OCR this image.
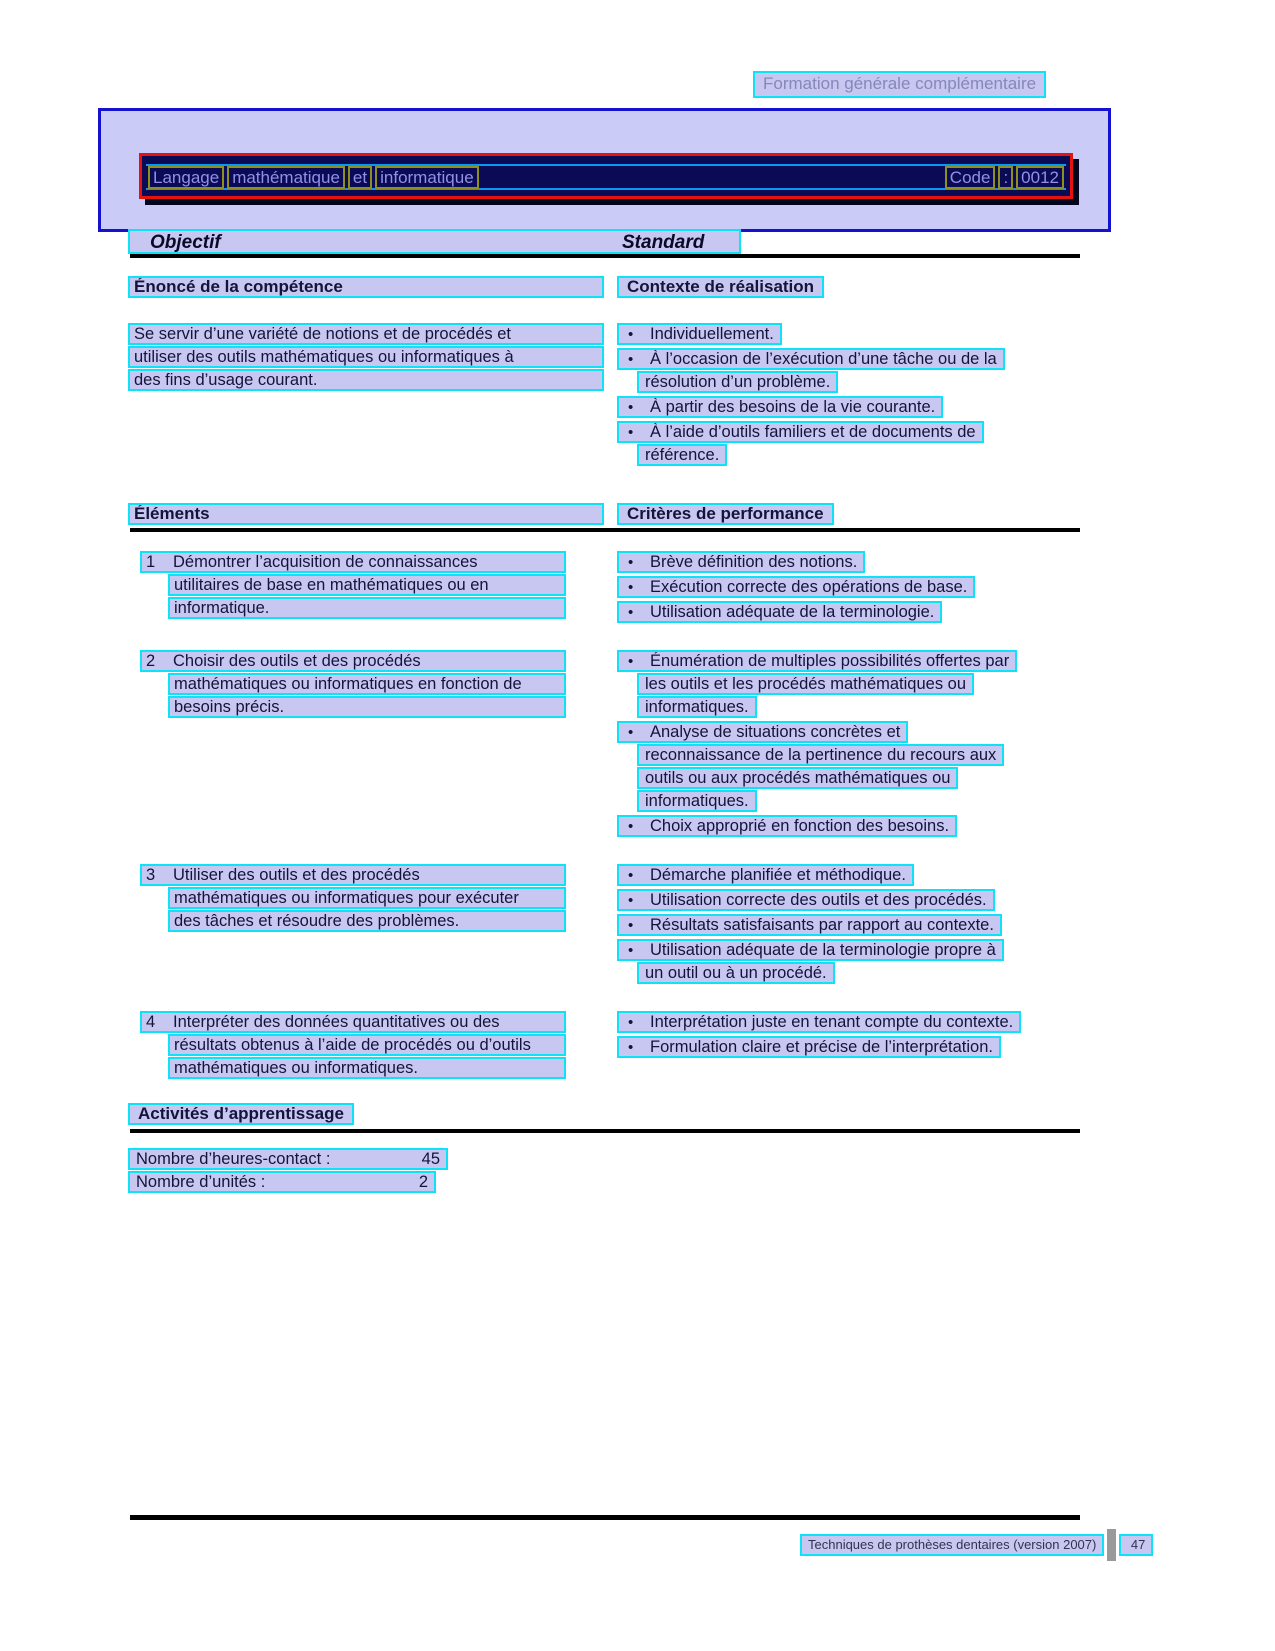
Formation générale complémentaire
Langage mathématique et informatique	Code : 0012
Objectif	Standard
Énoncé de la compétence
Se servir d’une variété de notions et de procédés et
utiliser des outils mathématiques ou informatiques à
des fins d’usage courant.
Contexte de réalisation
• Individuellement.
• À l’occasion de l’exécution d’une tâche ou de la
résolution d’un problème.
• À partir des besoins de la vie courante.
• À l’aide d’outils familiers et de documents de
référence.
Éléments	Critères de performance
1 Démontrer l’acquisition de connaissances
utilitaires de base en mathématiques ou en
informatique.
• Brève définition des notions.
• Exécution correcte des opérations de base.
• Utilisation adéquate de la terminologie.
2 Choisir des outils et des procédés
mathématiques ou informatiques en fonction de
besoins précis.
• Énumération de multiples possibilités offertes par
les outils et les procédés mathématiques ou
informatiques.
• Analyse de situations concrètes et
reconnaissance de la pertinence du recours aux
outils ou aux procédés mathématiques ou
informatiques.
• Choix approprié en fonction des besoins.
3 Utiliser des outils et des procédés
mathématiques ou informatiques pour exécuter
des tâches et résoudre des problèmes.
• Démarche planifiée et méthodique.
• Utilisation correcte des outils et des procédés.
• Résultats satisfaisants par rapport au contexte.
• Utilisation adéquate de la terminologie propre à
un outil ou à un procédé.
4 Interpréter des données quantitatives ou des
résultats obtenus à l’aide de procédés ou d’outils
mathématiques ou informatiques.
• Interprétation juste en tenant compte du contexte.
• Formulation claire et précise de l’interprétation.
Activités d’apprentissage
Nombre d’heures-contact :	45
Nombre d’unités :	2
Techniques de prothèses dentaires (version 2007)	47
